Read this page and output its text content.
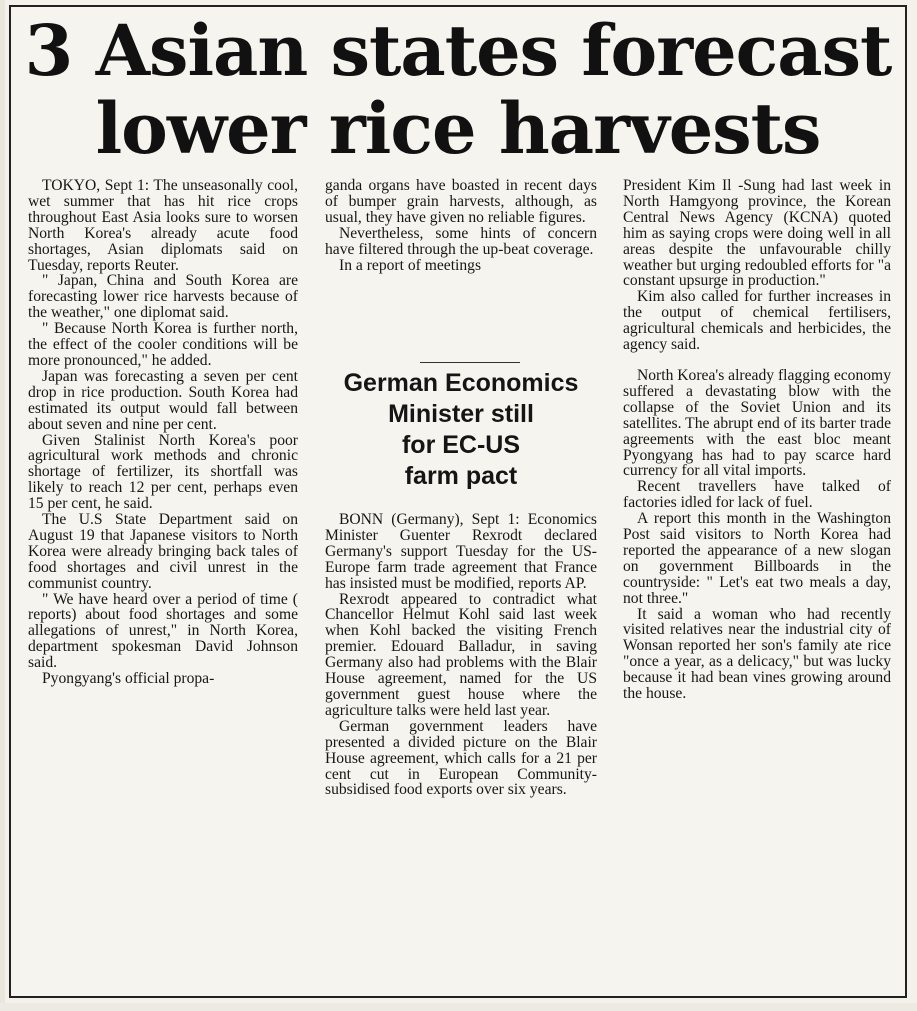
3 Asian states forecast
lower rice harvests

TOKYO, Sept 1: The unseasonally cool, wet summer that has hit rice crops throughout East Asia looks sure to worsen North Korea's already acute food shortages, Asian diplomats said on Tuesday, reports Reuter.

" Japan, China and South Korea are forecasting lower rice harvests because of the weather," one diplomat said.

" Because North Korea is further north, the effect of the cooler conditions will be more pronounced," he added.

Japan was forecasting a seven per cent drop in rice production. South Korea had estimated its output would fall between about seven and nine per cent.

Given Stalinist North Korea's poor agricultural work methods and chronic shortage of fertilizer, its shortfall was likely to reach 12 per cent, perhaps even 15 per cent, he said.

The U.S State Department said on August 19 that Japanese visitors to North Korea were already bringing back tales of food shortages and civil unrest in the communist country.

" We have heard over a period of time ( reports) about food shortages and some allegations of unrest," in North Korea, department spokesman David Johnson said.

Pyongyang's official propa-

ganda organs have boasted in recent days of bumper grain harvests, although, as usual, they have given no reliable figures.

Nevertheless, some hints of concern have filtered through the up-beat coverage.

In a report of meetings

German Economics
Minister still
for EC-US
farm pact

BONN (Germany), Sept 1: Economics Minister Guenter Rexrodt declared Germany's support Tuesday for the US-Europe farm trade agreement that France has insisted must be modified, reports AP.

Rexrodt appeared to contradict what Chancellor Helmut Kohl said last week when Kohl backed the visiting French premier. Edouard Balladur, in saving Germany also had problems with the Blair House agreement, named for the US government guest house where the agriculture talks were held last year.

German government leaders have presented a divided picture on the Blair House agreement, which calls for a 21 per cent cut in European Community-subsidised food exports over six years.

President Kim Il -Sung had last week in North Hamgyong province, the Korean Central News Agency (KCNA) quoted him as saying crops were doing well in all areas despite the unfavourable chilly weather but urging redoubled efforts for "a constant upsurge in production."

Kim also called for further increases in the output of chemical fertilisers, agricultural chemicals and herbicides, the agency said.

North Korea's already flagging economy suffered a devastating blow with the collapse of the Soviet Union and its satellites. The abrupt end of its barter trade agreements with the east bloc meant Pyongyang has had to pay scarce hard currency for all vital imports.

Recent travellers have talked of factories idled for lack of fuel.

A report this month in the Washington Post said visitors to North Korea had reported the appearance of a new slogan on government Billboards in the countryside: " Let's eat two meals a day, not three."

It said a woman who had recently visited relatives near the industrial city of Wonsan reported her son's family ate rice "once a year, as a delicacy," but was lucky because it had bean vines growing around the house.
